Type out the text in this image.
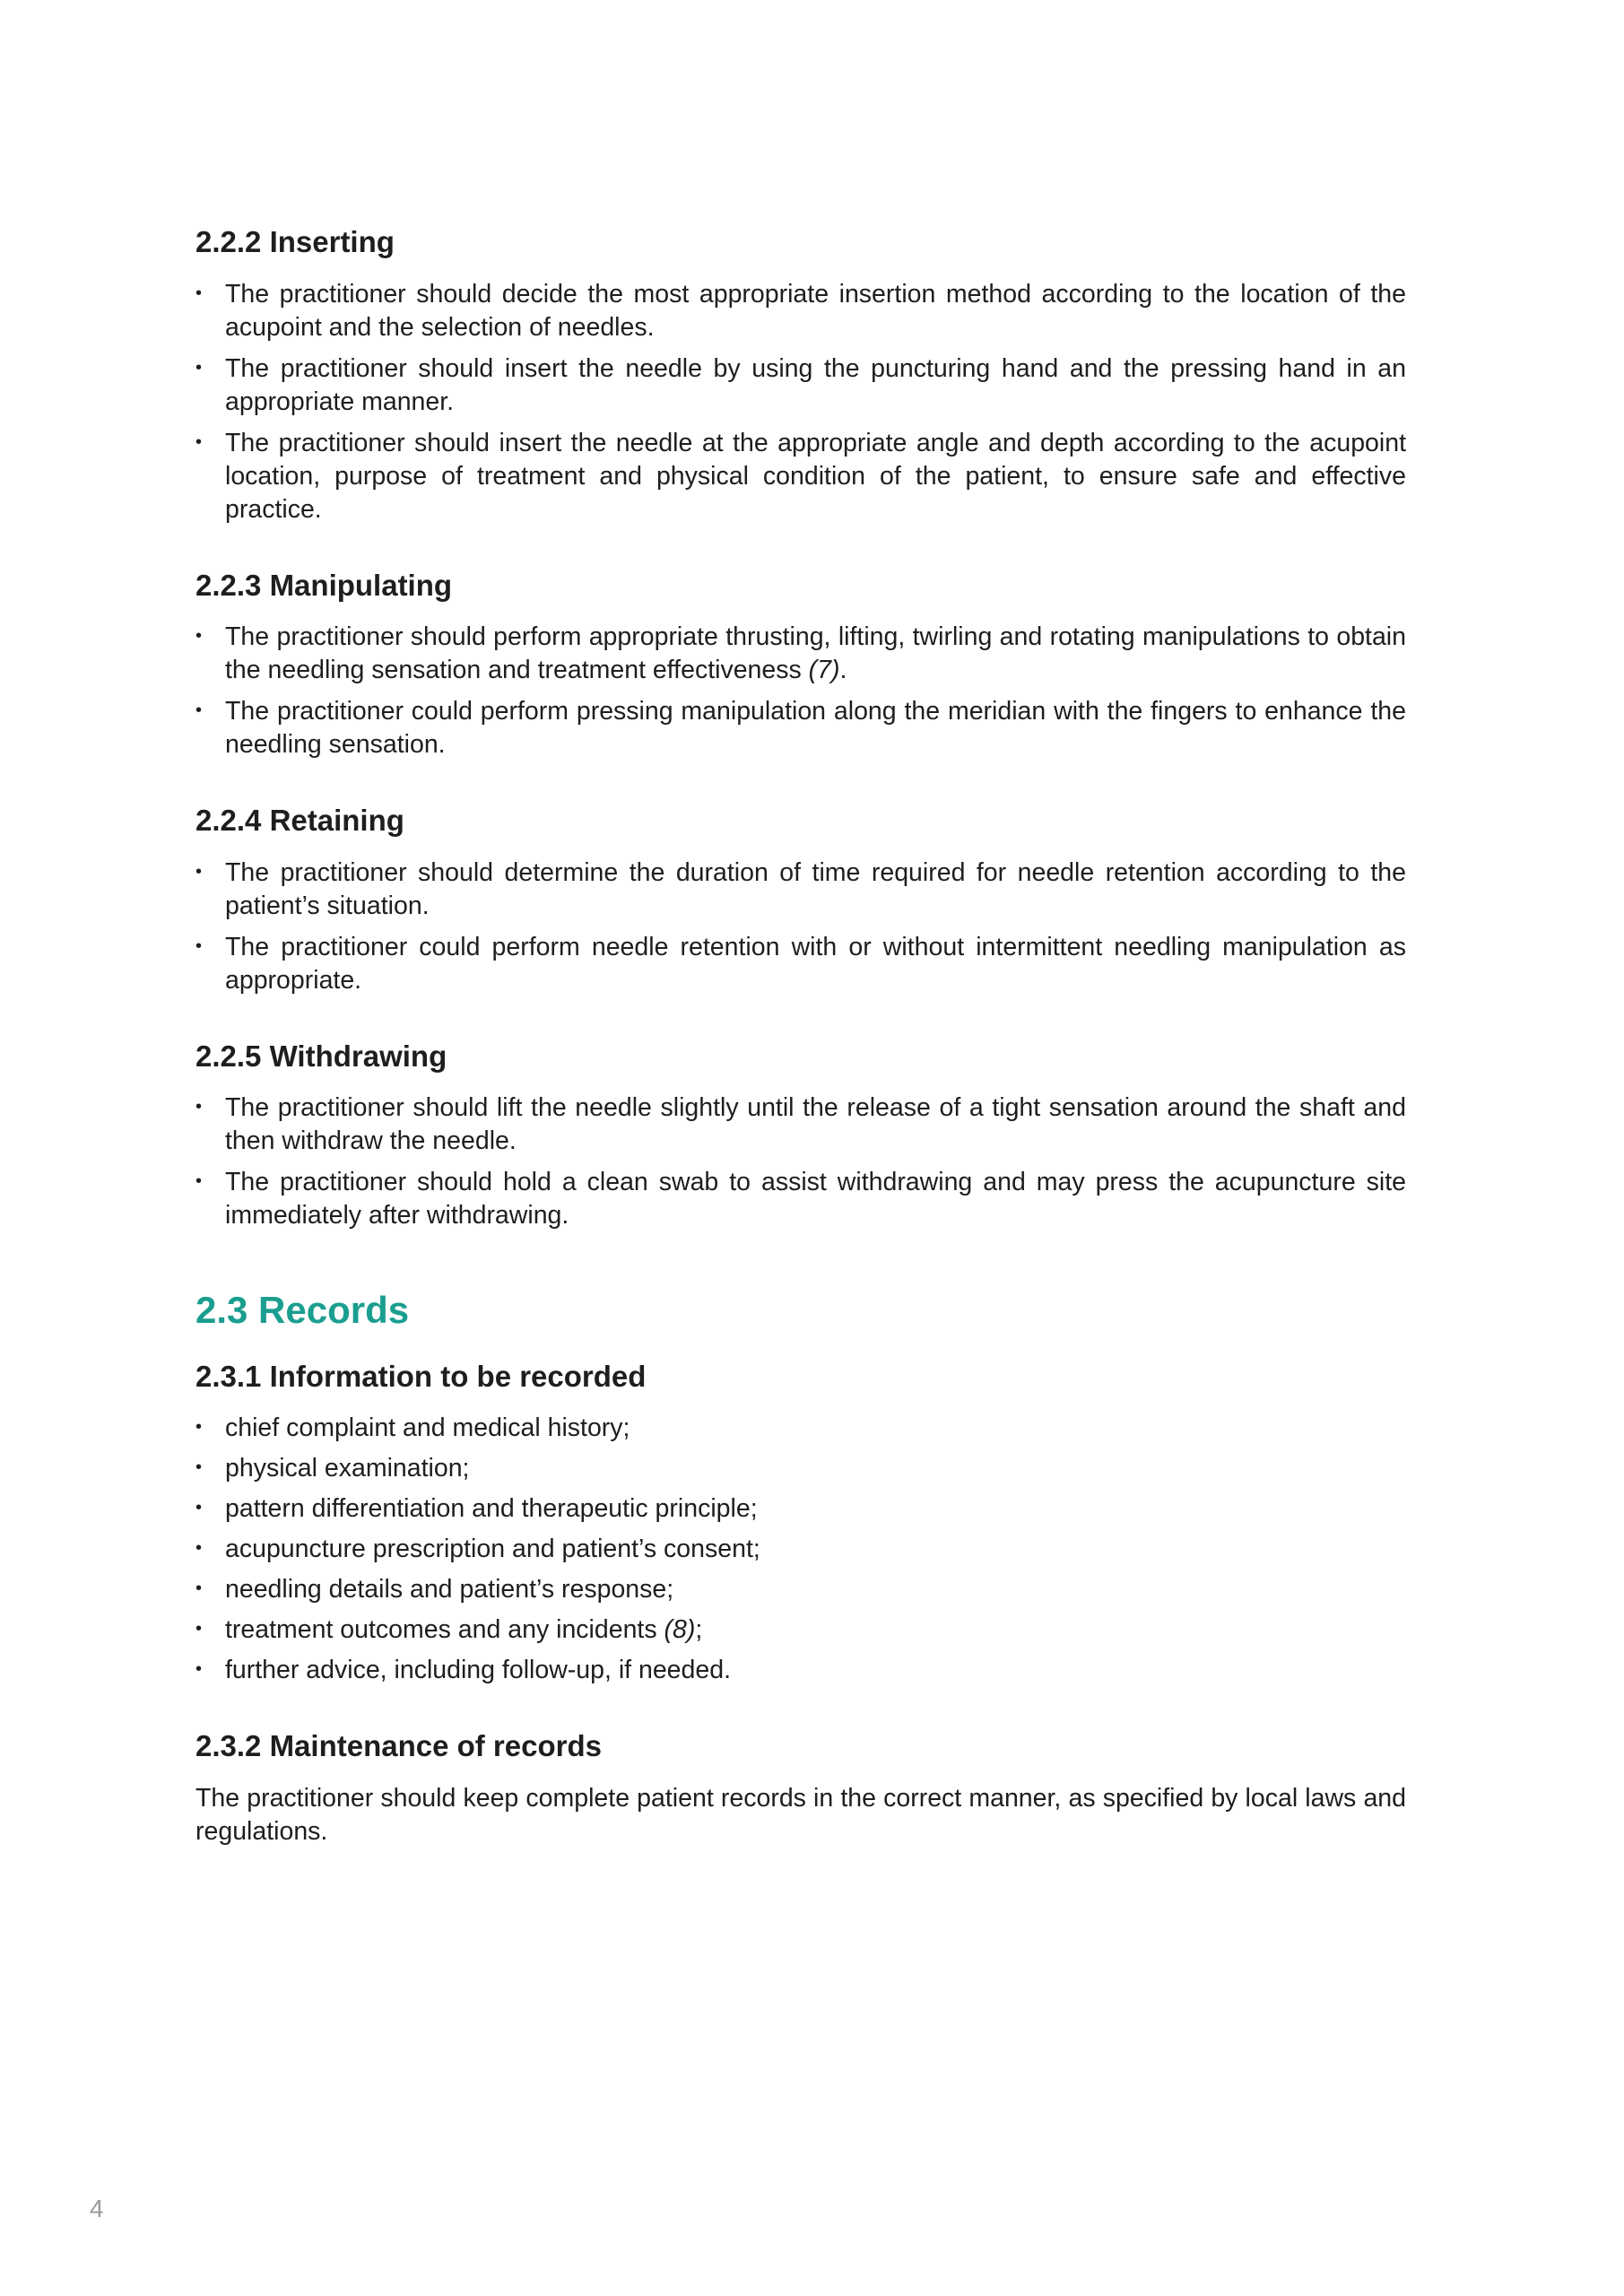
2.2.2 Inserting
• The practitioner should decide the most appropriate insertion method according to the location of the acupoint and the selection of needles.
• The practitioner should insert the needle by using the puncturing hand and the pressing hand in an appropriate manner.
• The practitioner should insert the needle at the appropriate angle and depth according to the acupoint location, purpose of treatment and physical condition of the patient, to ensure safe and effective practice.
2.2.3 Manipulating
• The practitioner should perform appropriate thrusting, lifting, twirling and rotating manipulations to obtain the needling sensation and treatment effectiveness (7).
• The practitioner could perform pressing manipulation along the meridian with the fingers to enhance the needling sensation.
2.2.4 Retaining
• The practitioner should determine the duration of time required for needle retention according to the patient’s situation.
• The practitioner could perform needle retention with or without intermittent needling manipulation as appropriate.
2.2.5 Withdrawing
• The practitioner should lift the needle slightly until the release of a tight sensation around the shaft and then withdraw the needle.
• The practitioner should hold a clean swab to assist withdrawing and may press the acupuncture site immediately after withdrawing.
2.3 Records
2.3.1 Information to be recorded
• chief complaint and medical history;
• physical examination;
• pattern differentiation and therapeutic principle;
• acupuncture prescription and patient’s consent;
• needling details and patient’s response;
• treatment outcomes and any incidents (8);
• further advice, including follow-up, if needed.
2.3.2 Maintenance of records

The practitioner should keep complete patient records in the correct manner, as specified by local laws and regulations.

4
